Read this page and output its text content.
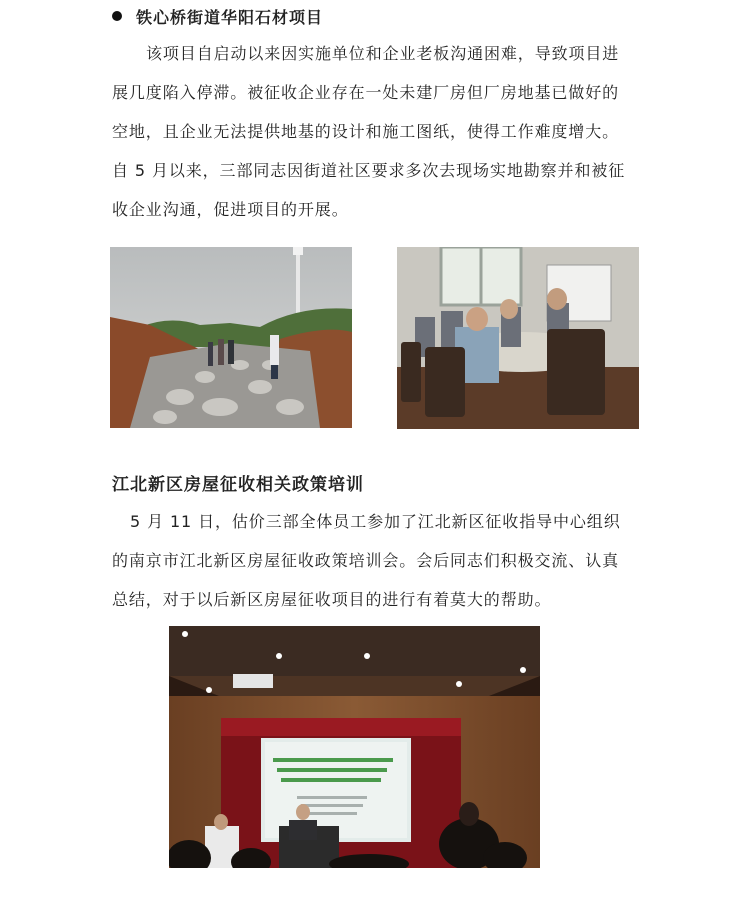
铁心桥街道华阳石材项目
该项目自启动以来因实施单位和企业老板沟通困难，导致项目进
展几度陷入停滞。被征收企业存在一处未建厂房但厂房地基已做好的
空地，且企业无法提供地基的设计和施工图纸，使得工作难度增大。
自 5 月以来，三部同志因街道社区要求多次去现场实地勘察并和被征
收企业沟通，促进项目的开展。
江北新区房屋征收相关政策培训
5 月 11 日，估价三部全体员工参加了江北新区征收指导中心组织
的南京市江北新区房屋征收政策培训会。会后同志们积极交流、认真
总结，对于以后新区房屋征收项目的进行有着莫大的帮助。
